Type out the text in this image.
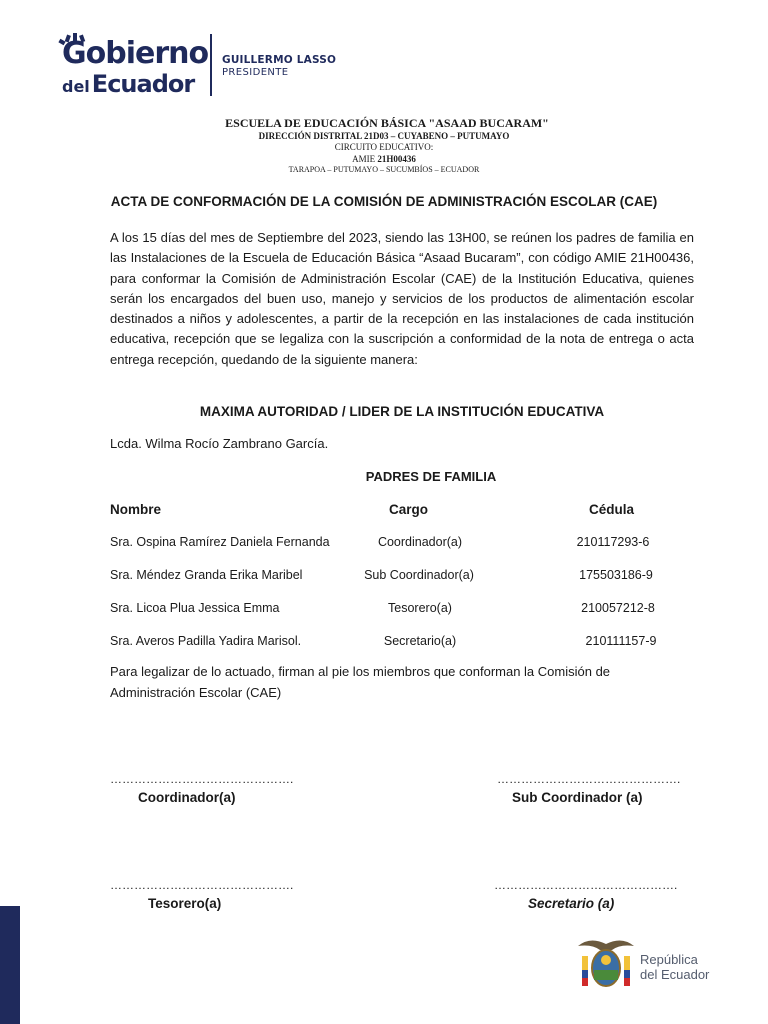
Gobierno
delEcuador
GUILLERMO LASSO
PRESIDENTE
ESCUELA DE EDUCACIÓN BÁSICA "ASAAD BUCARAM"
DIRECCIÓN DISTRITAL 21D03 – CUYABENO – PUTUMAYO
CIRCUITO EDUCATIVO:
AMIE 21H00436
TARAPOA – PUTUMAYO – SUCUMBÍOS – ECUADOR
ACTA DE CONFORMACIÓN DE LA COMISIÓN DE ADMINISTRACIÓN ESCOLAR (CAE)
A los 15 días del mes de Septiembre del 2023, siendo las 13H00, se reúnen los padres de familia en las Instalaciones de la Escuela de Educación Básica “Asaad Bucaram”, con código AMIE 21H00436, para conformar la Comisión de Administración Escolar (CAE) de la Institución Educativa, quienes serán los encargados del buen uso, manejo y servicios de los productos de alimentación escolar destinados a niños y adolescentes, a partir de la recepción en las instalaciones de cada institución educativa, recepción que se legaliza con la suscripción a conformidad de la nota de entrega o acta entrega recepción, quedando de la siguiente manera:
MAXIMA AUTORIDAD / LIDER DE LA INSTITUCIÓN EDUCATIVA
Lcda. Wilma Rocío Zambrano García.
PADRES DE FAMILIA
Nombre	Cargo	Cédula
Sra. Ospina Ramírez Daniela Fernanda	Coordinador(a)	210117293-6
Sra. Méndez Granda Erika Maribel	Sub Coordinador(a)	175503186-9
Sra. Licoa Plua Jessica Emma	Tesorero(a)	210057212-8
Sra. Averos Padilla Yadira Marisol.	Secretario(a)	210111157-9
Para legalizar de lo actuado, firman al pie los miembros que conforman la Comisión de Administración Escolar (CAE)
……………………………………….	……………………………………….
Coordinador(a)	Sub Coordinador (a)
……………………………………….	……………………………………….
Tesorero(a)	Secretario (a)
República
del Ecuador
